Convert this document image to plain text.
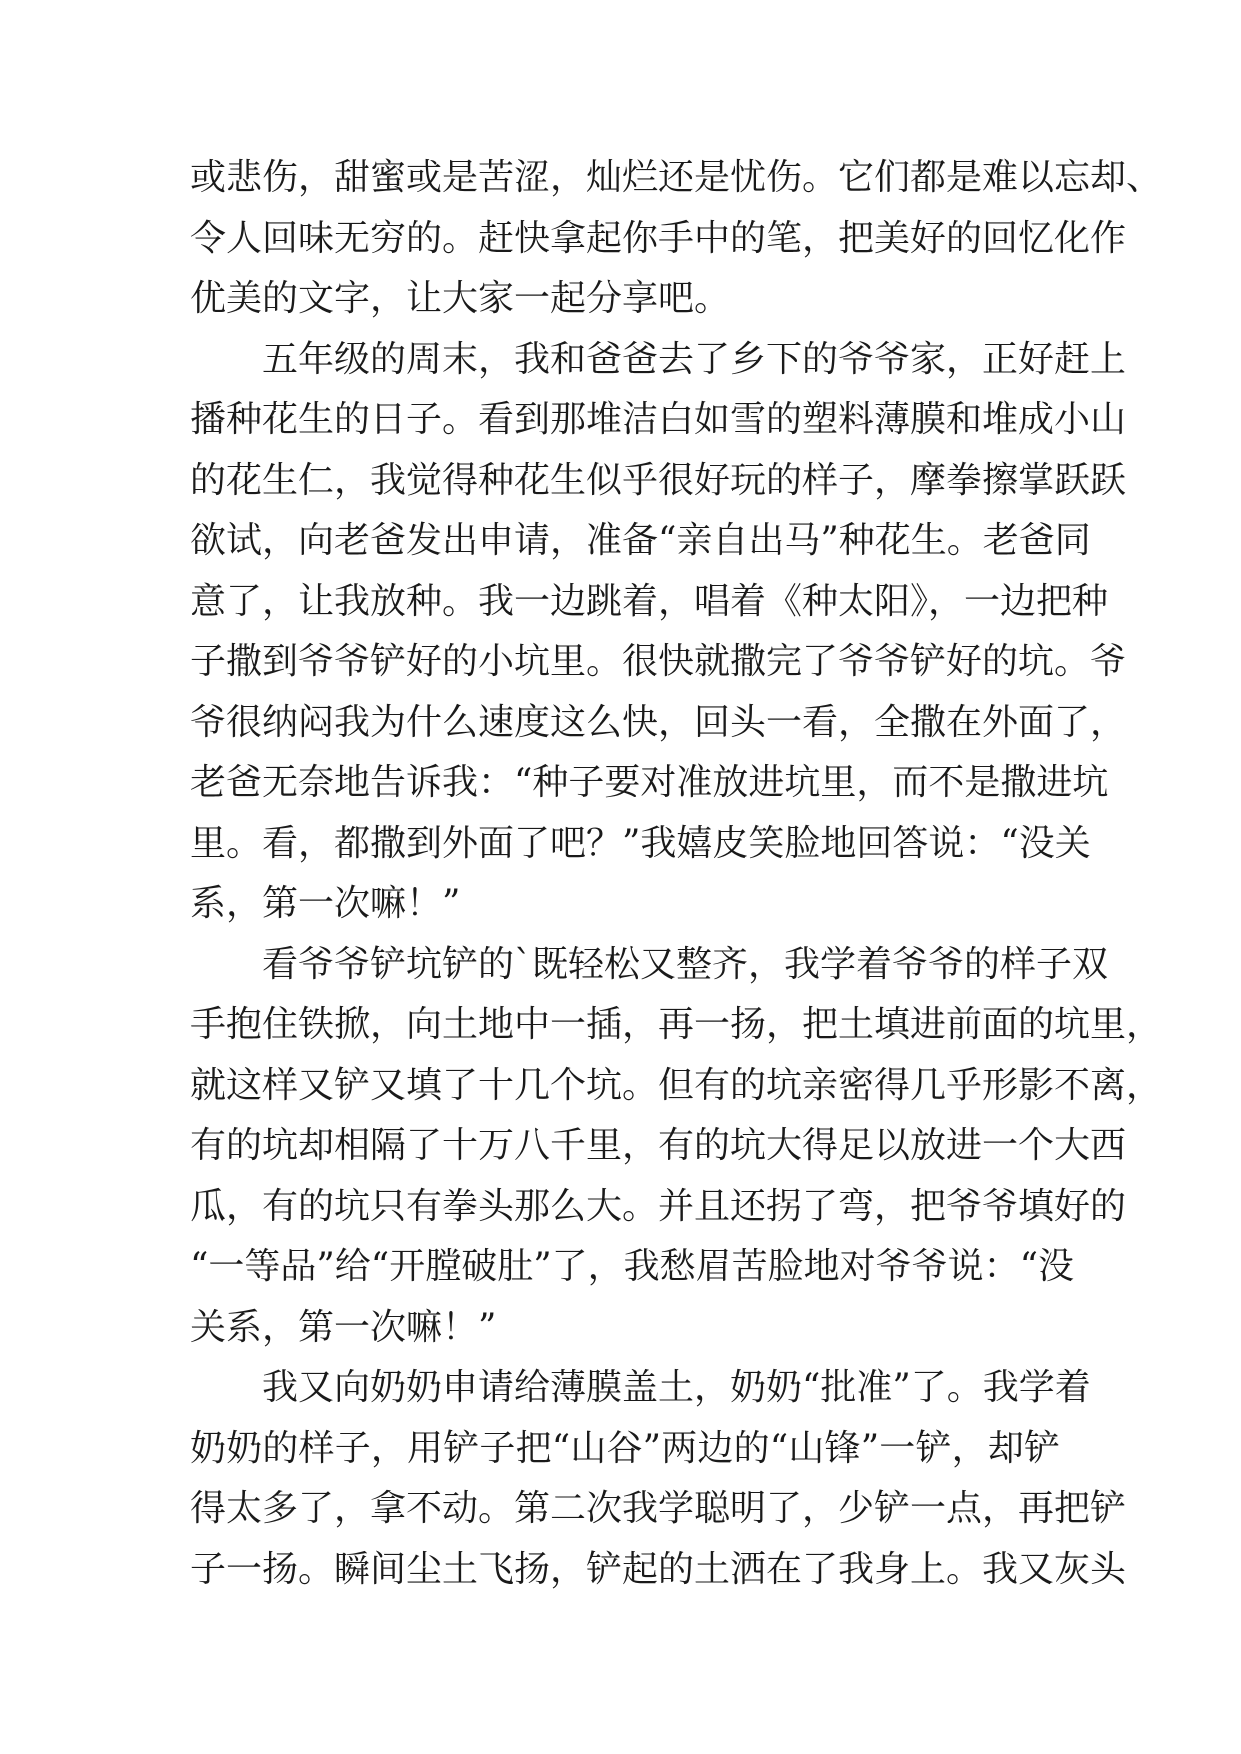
或悲伤，甜蜜或是苦涩，灿烂还是忧伤。它们都是难以忘却、
令人回味无穷的。赶快拿起你手中的笔，把美好的回忆化作
优美的文字，让大家一起分享吧。
　　五年级的周末，我和爸爸去了乡下的爷爷家，正好赶上
播种花生的日子。看到那堆洁白如雪的塑料薄膜和堆成小山
的花生仁，我觉得种花生似乎很好玩的样子，摩拳擦掌跃跃
欲试，向老爸发出申请，准备“亲自出马”种花生。老爸同
意了，让我放种。我一边跳着，唱着《种太阳》，一边把种
子撒到爷爷铲好的小坑里。很快就撒完了爷爷铲好的坑。爷
爷很纳闷我为什么速度这么快，回头一看，全撒在外面了，
老爸无奈地告诉我：“种子要对准放进坑里，而不是撒进坑
里。看，都撒到外面了吧？”我嬉皮笑脸地回答说：“没关
系，第一次嘛！”
　　看爷爷铲坑铲的`既轻松又整齐，我学着爷爷的样子双
手抱住铁掀，向土地中一插，再一扬，把土填进前面的坑里，
就这样又铲又填了十几个坑。但有的坑亲密得几乎形影不离，
有的坑却相隔了十万八千里，有的坑大得足以放进一个大西
瓜，有的坑只有拳头那么大。并且还拐了弯，把爷爷填好的
“一等品”给“开膛破肚”了，我愁眉苦脸地对爷爷说：“没
关系，第一次嘛！”
　　我又向奶奶申请给薄膜盖土，奶奶“批准”了。我学着
奶奶的样子，用铲子把“山谷”两边的“山锋”一铲，却铲
得太多了，拿不动。第二次我学聪明了，少铲一点，再把铲
子一扬。瞬间尘土飞扬，铲起的土洒在了我身上。我又灰头
